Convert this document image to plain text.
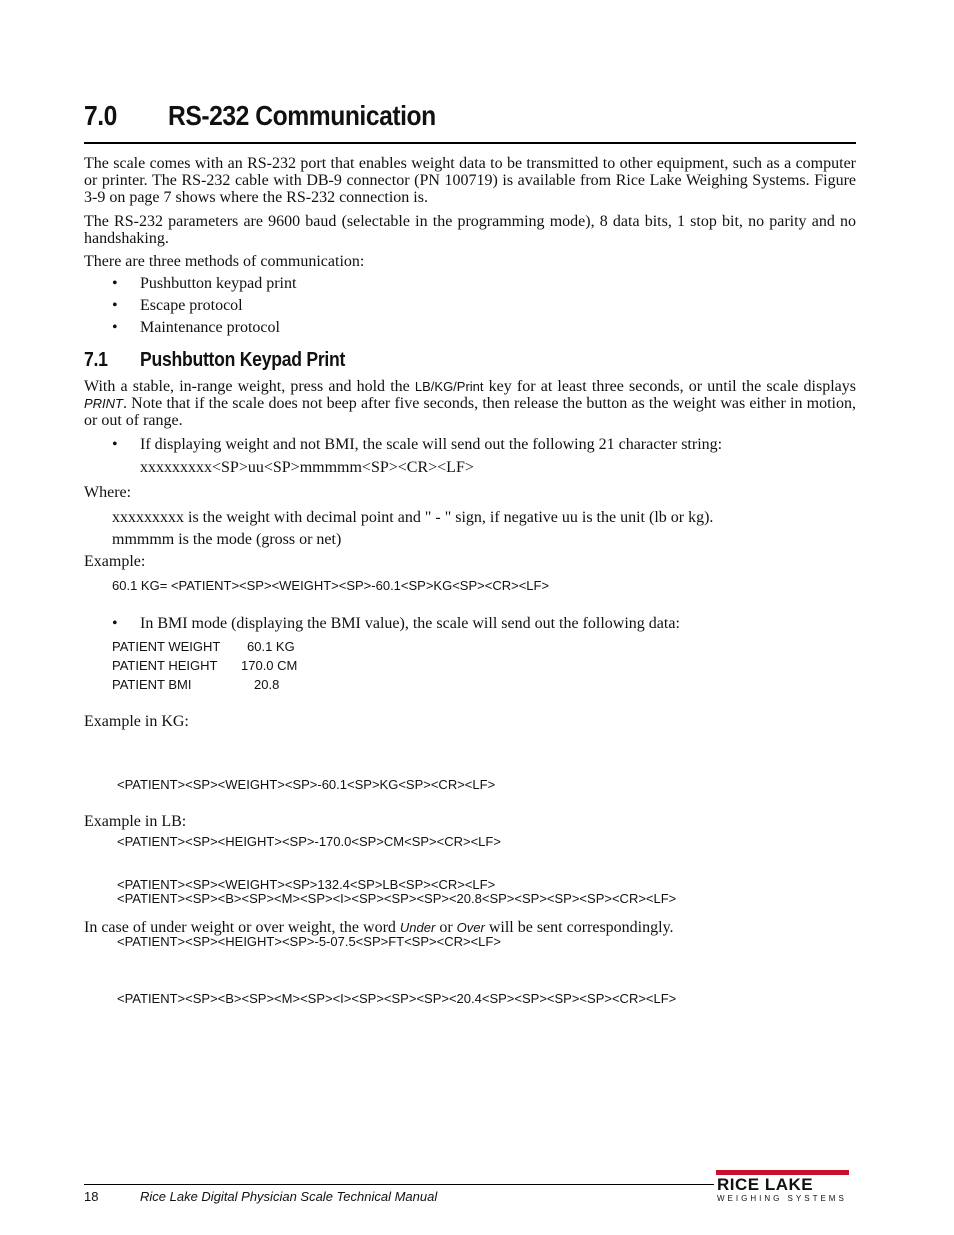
7.0	RS-232 Communication
The scale comes with an RS-232 port that enables weight data to be transmitted to other equipment, such as a computer or printer. The RS-232 cable with DB-9 connector (PN 100719) is available from Rice Lake Weighing Systems. Figure 3-9 on page 7 shows where the RS-232 connection is.
The RS-232 parameters are 9600 baud (selectable in the programming mode), 8 data bits, 1 stop bit, no parity and no handshaking.
There are three methods of communication:
• Pushbutton keypad print
• Escape protocol
• Maintenance protocol
7.1	Pushbutton Keypad Print
With a stable, in-range weight, press and hold the LB/KG/Print key for at least three seconds, or until the scale displays PRINT. Note that if the scale does not beep after five seconds, then release the button as the weight was either in motion, or out of range.
• If displaying weight and not BMI, the scale will send out the following 21 character string:
xxxxxxxxx<SP>uu<SP>mmmmm<SP><CR><LF>
Where:
xxxxxxxxx is the weight with decimal point and " - " sign, if negative uu is the unit (lb or kg).
mmmmm is the mode (gross or net)
Example:
60.1 KG= <PATIENT><SP><WEIGHT><SP>-60.1<SP>KG<SP><CR><LF>
• In BMI mode (displaying the BMI value), the scale will send out the following data:
PATIENT WEIGHT 60.1 KG
PATIENT HEIGHT 170.0 CM
PATIENT BMI	20.8
Example in KG:

<PATIENT><SP><WEIGHT><SP>-60.1<SP>KG<SP><CR><LF>

<PATIENT><SP><HEIGHT><SP>-170.0<SP>CM<SP><CR><LF>

<PATIENT><SP><B><SP><M><SP><I><SP><SP><SP><20.8<SP><SP><SP><SP><CR><LF>

Example in LB:

<PATIENT><SP><WEIGHT><SP>132.4<SP>LB<SP><CR><LF>

<PATIENT><SP><HEIGHT><SP>-5-07.5<SP>FT<SP><CR><LF>

<PATIENT><SP><B><SP><M><SP><I><SP><SP><SP><20.4<SP><SP><SP><SP><CR><LF>

In case of under weight or over weight, the word Under or Over will be sent correspondingly.
18	Rice Lake Digital Physician Scale Technical Manual
RICE LAKE
WEIGHING SYSTEMS
